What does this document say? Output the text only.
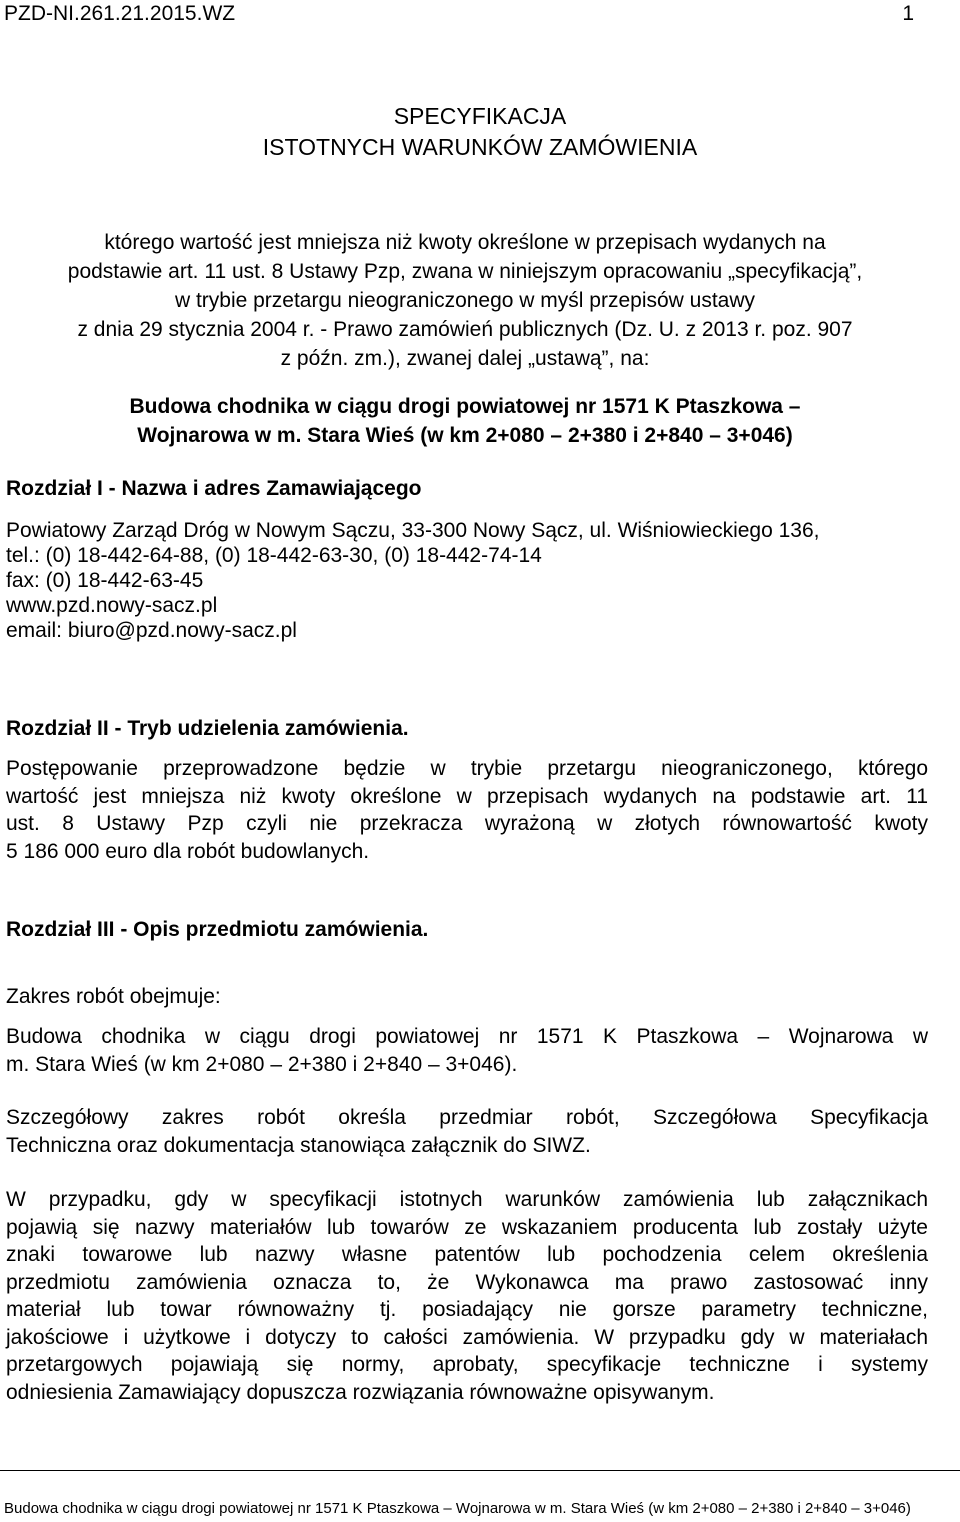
PZD-NI.261.21.2015.WZ	1
SPECYFIKACJA
ISTOTNYCH WARUNKÓW ZAMÓWIENIA
którego wartość jest mniejsza niż kwoty określone w przepisach wydanych na
podstawie art. 11 ust. 8 Ustawy Pzp, zwana w niniejszym opracowaniu „specyfikacją”,
w trybie przetargu nieograniczonego w myśl przepisów ustawy
z dnia 29 stycznia 2004 r. - Prawo zamówień publicznych (Dz. U. z 2013 r. poz. 907
z późn. zm.), zwanej dalej „ustawą”, na:
Budowa chodnika w ciągu drogi powiatowej nr 1571 K Ptaszkowa –
Wojnarowa w m. Stara Wieś (w km 2+080 – 2+380 i 2+840 – 3+046)
Rozdział I - Nazwa i adres Zamawiającego
Powiatowy Zarząd Dróg w Nowym Sączu, 33-300 Nowy Sącz, ul. Wiśniowieckiego 136,
tel.: (0) 18-442-64-88, (0) 18-442-63-30, (0) 18-442-74-14
fax: (0) 18-442-63-45
www.pzd.nowy-sacz.pl
email: biuro@pzd.nowy-sacz.pl
Rozdział II - Tryb udzielenia zamówienia.
Postępowanie przeprowadzone będzie w trybie przetargu nieograniczonego, którego
wartość jest mniejsza niż kwoty określone w przepisach wydanych na podstawie art. 11
ust. 8 Ustawy Pzp czyli nie przekracza wyrażoną w złotych równowartość kwoty
5 186 000 euro dla robót budowlanych.
Rozdział III - Opis przedmiotu zamówienia.
Zakres robót obejmuje:
Budowa chodnika w ciągu drogi powiatowej nr 1571 K Ptaszkowa – Wojnarowa w
m. Stara Wieś (w km 2+080 – 2+380 i 2+840 – 3+046).
Szczegółowy zakres robót określa przedmiar robót, Szczegółowa Specyfikacja
Techniczna oraz dokumentacja stanowiąca załącznik do SIWZ.
W przypadku, gdy w specyfikacji istotnych warunków zamówienia lub załącznikach
pojawią się nazwy materiałów lub towarów ze wskazaniem producenta lub zostały użyte
znaki towarowe lub nazwy własne patentów lub pochodzenia celem określenia
przedmiotu zamówienia oznacza to, że Wykonawca ma prawo zastosować inny
materiał lub towar równoważny tj. posiadający nie gorsze parametry techniczne,
jakościowe i użytkowe i dotyczy to całości zamówienia. W przypadku gdy w materiałach
przetargowych pojawiają się normy, aprobaty, specyfikacje techniczne i systemy
odniesienia Zamawiający dopuszcza rozwiązania równoważne opisywanym.
Budowa chodnika w ciągu drogi powiatowej nr 1571 K Ptaszkowa – Wojnarowa w m. Stara Wieś (w km 2+080 – 2+380 i 2+840 – 3+046)
